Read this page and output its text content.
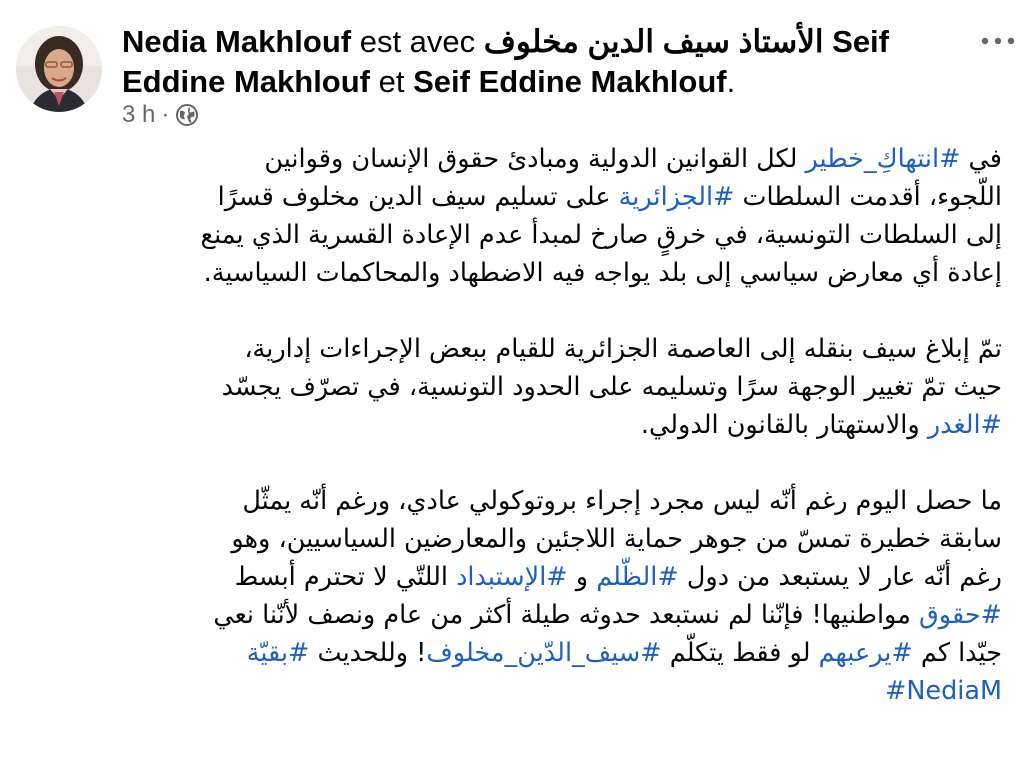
Nedia Makhlouf est avec الأستاذ سيف الدين مخلوف Seif
Eddine Makhlouf et Seif Eddine Makhlouf.
3 h ·
في #انتهاكِ_خطير لكل القوانين الدولية ومبادئ حقوق الإنسان وقوانين
اللّجوء، أقدمت السلطات #الجزائرية على تسليم سيف الدين مخلوف قسرًا
إلى السلطات التونسية، في خرقٍ صارخ لمبدأ عدم الإعادة القسرية الذي يمنع
إعادة أي معارض سياسي إلى بلد يواجه فيه الاضطهاد والمحاكمات السياسية.
تمّ إبلاغ سيف بنقله إلى العاصمة الجزائرية للقيام ببعض الإجراءات إدارية،
حيث تمّ تغيير الوجهة سرًا وتسليمه على الحدود التونسية، في تصرّف يجسّد
#الغدر والاستهتار بالقانون الدولي.
ما حصل اليوم رغم أنّه ليس مجرد إجراء بروتوكولي عادي، ورغم أنّه يمثّل
سابقة خطيرة تمسّ من جوهر حماية اللاجئين والمعارضين السياسيين، وهو
رغم أنّه عار لا يستبعد من دول #الظّلم و #الإستبداد اللتّي لا تحترم أبسط
#حقوق مواطنيها! فإنّنا لم نستبعد حدوثه طيلة أكثر من عام ونصف لأنّنا نعي
جيّدا كم #يرعبهم لو فقط يتكلّم #سيف_الدّين_مخلوف! وللحديث #بقيّة
#NediaM
